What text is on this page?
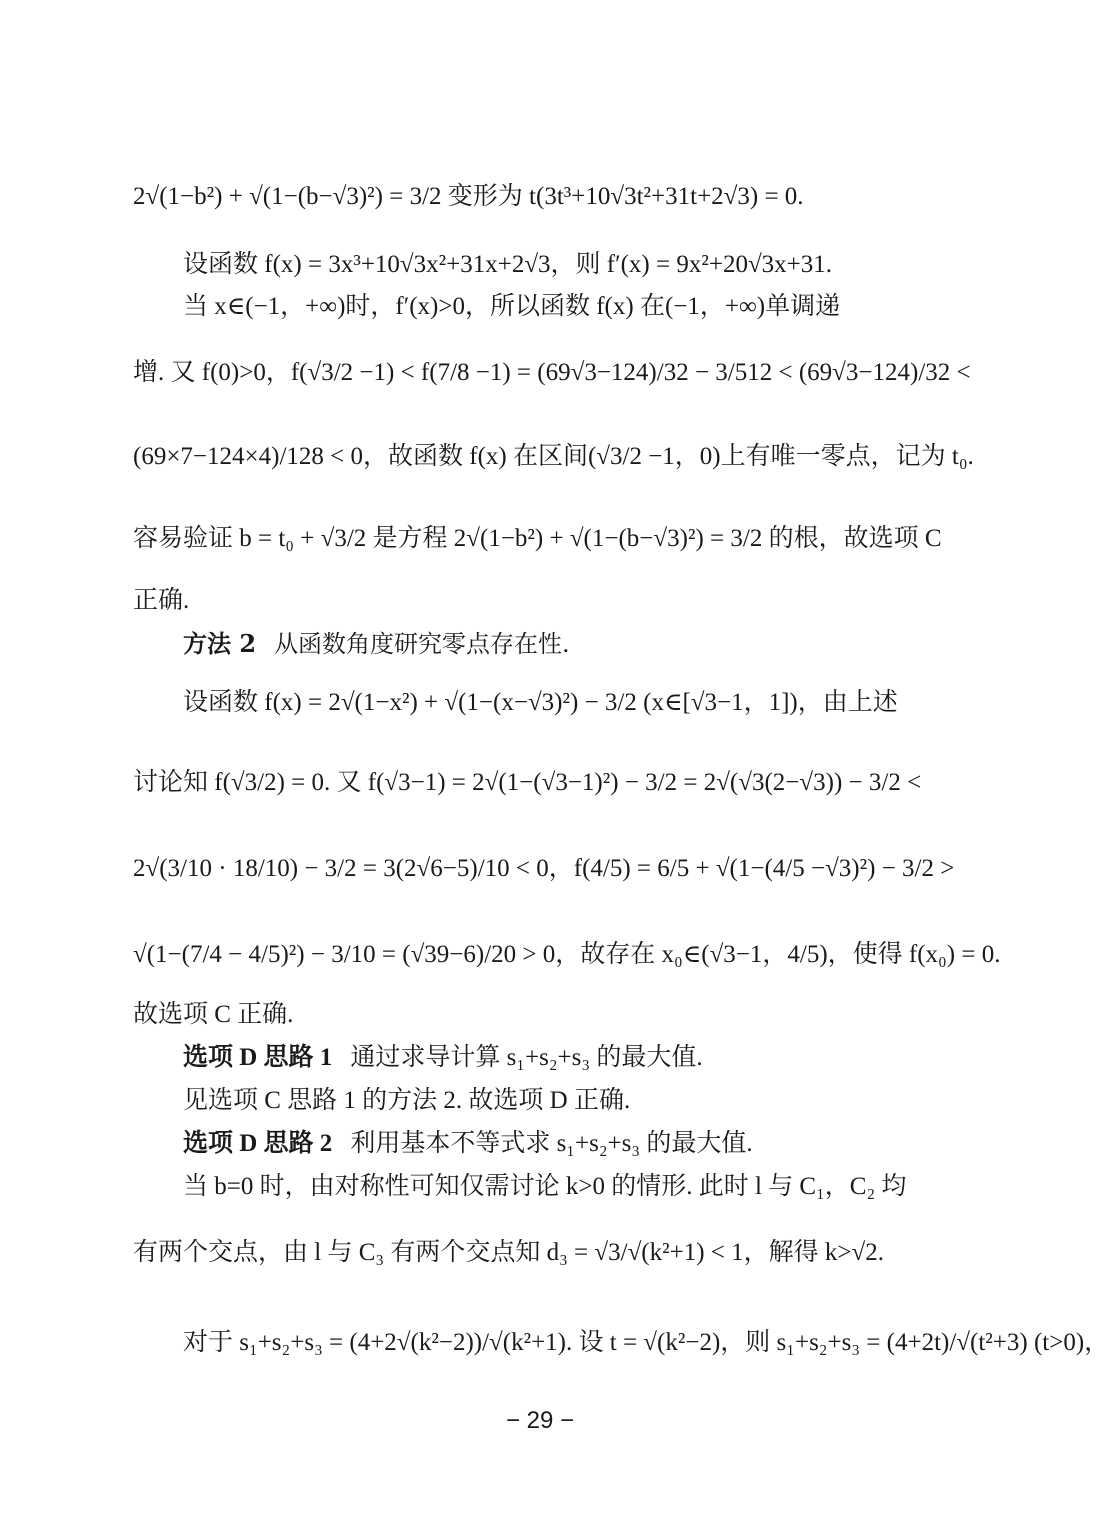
2√(1−b²) + √(1−(b−√3)²) = 3/2 变形为 t(3t³+10√3t²+31t+2√3) = 0.
设函数 f(x) = 3x³+10√3x²+31x+2√3，则 f′(x) = 9x²+20√3x+31.
当 x∈(−1，+∞)时，f′(x)>0，所以函数 f(x) 在(−1，+∞)单调递
增. 又 f(0)>0，f(√3/2 −1) < f(7/8 −1) = (69√3−124)/32 − 3/512 < (69√3−124)/32 <
(69×7−124×4)/128 < 0，故函数 f(x) 在区间(√3/2 −1，0)上有唯一零点，记为 t₀.
容易验证 b = t₀ + √3/2 是方程 2√(1−b²) + √(1−(b−√3)²) = 3/2 的根，故选项 C
正确.
方法 2 从函数角度研究零点存在性.
设函数 f(x) = 2√(1−x²) + √(1−(x−√3)²) − 3/2 (x∈[√3−1，1])，由上述
讨论知 f(√3/2) = 0. 又 f(√3−1) = 2√(1−(√3−1)²) − 3/2 = 2√(√3(2−√3)) − 3/2 <
2√(3/10 · 18/10) − 3/2 = 3(2√6−5)/10 < 0，f(4/5) = 6/5 + √(1−(4/5 −√3)²) − 3/2 >
√(1−(7/4 − 4/5)²) − 3/10 = (√39−6)/20 > 0，故存在 x₀∈(√3−1，4/5)，使得 f(x₀) = 0.
故选项 C 正确.
选项 D 思路 1 通过求导计算 s₁+s₂+s₃ 的最大值.
见选项 C 思路 1 的方法 2. 故选项 D 正确.
选项 D 思路 2 利用基本不等式求 s₁+s₂+s₃ 的最大值.
当 b=0 时，由对称性可知仅需讨论 k>0 的情形. 此时 l 与 C₁，C₂ 均
有两个交点，由 l 与 C₃ 有两个交点知 d₃ = √3/√(k²+1) < 1，解得 k>√2.
对于 s₁+s₂+s₃ = (4+2√(k²−2))/√(k²+1). 设 t = √(k²−2)，则 s₁+s₂+s₃ = (4+2t)/√(t²+3) (t>0)，
− 29 −
